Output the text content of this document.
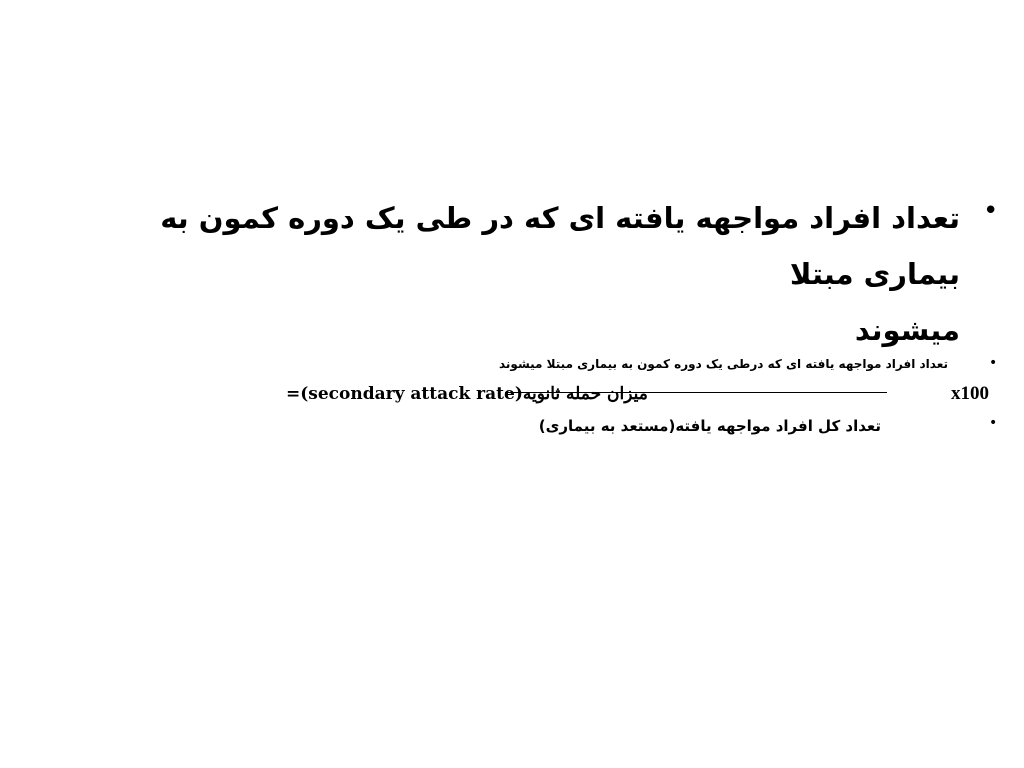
•
تعداد افراد مواجهه یافته ای که در طی یک دوره کمون به
بیماری مبتلا
میشوند
•
تعداد افراد مواجهه یافته ای که درطی یک دوره کمون به بیماری مبتلا میشوند
میزان حمله ثانویه(secondary attack rate)=	x100
•
تعداد کل افراد مواجهه یافته(مستعد به بیماری)
